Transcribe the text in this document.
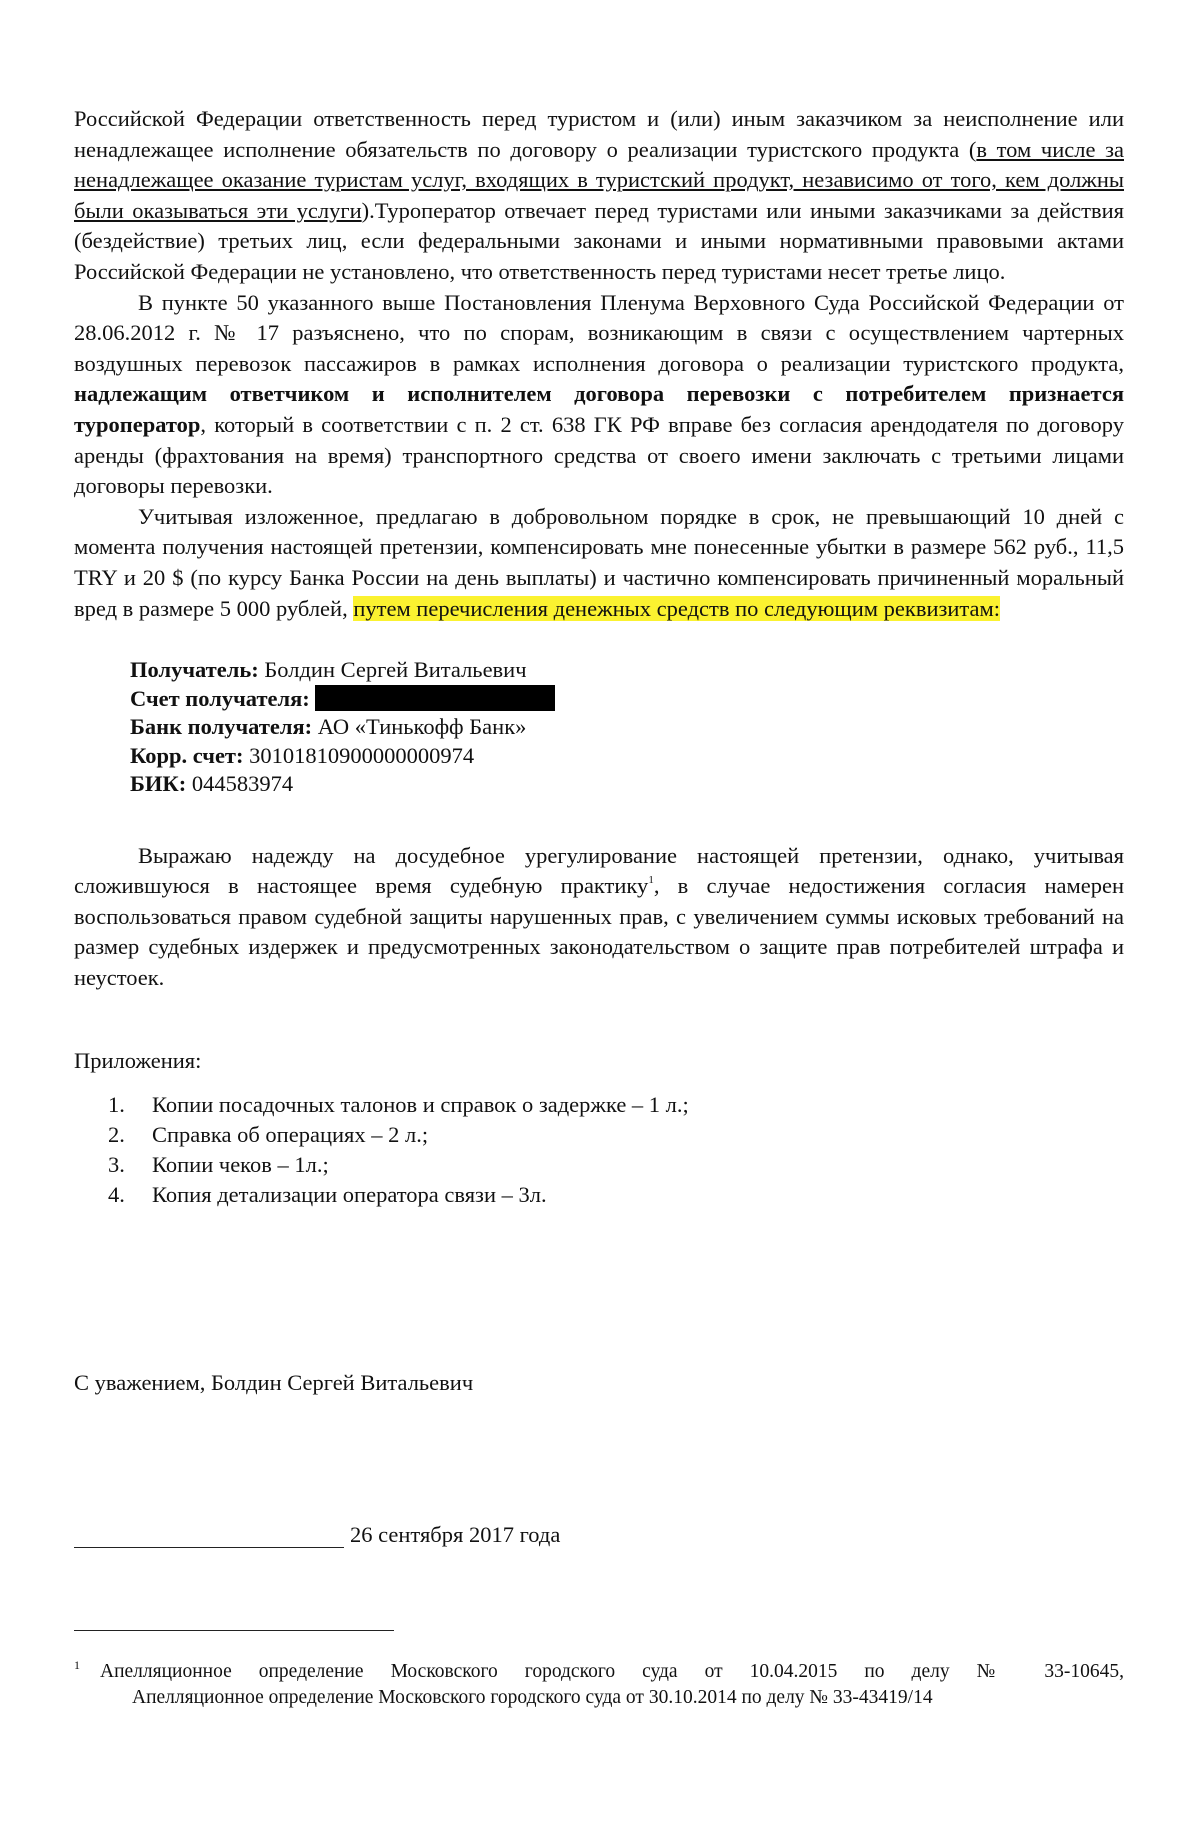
Российской Федерации ответственность перед туристом и (или) иным заказчиком за неисполнение или ненадлежащее исполнение обязательств по договору о реализации туристского продукта (в том числе за ненадлежащее оказание туристам услуг, входящих в туристский продукт, независимо от того, кем должны были оказываться эти услуги).Туроператор отвечает перед туристами или иными заказчиками за действия (бездействие) третьих лиц, если федеральными законами и иными нормативными правовыми актами Российской Федерации не установлено, что ответственность перед туристами несет третье лицо.

В пункте 50 указанного выше Постановления Пленума Верховного Суда Российской Федерации от 28.06.2012 г. № 17 разъяснено, что по спорам, возникающим в связи с осуществлением чартерных воздушных перевозок пассажиров в рамках исполнения договора о реализации туристского продукта, надлежащим ответчиком и исполнителем договора перевозки с потребителем признается туроператор, который в соответствии с п. 2 ст. 638 ГК РФ вправе без согласия арендодателя по договору аренды (фрахтования на время) транспортного средства от своего имени заключать с третьими лицами договоры перевозки.

Учитывая изложенное, предлагаю в добровольном порядке в срок, не превышающий 10 дней с момента получения настоящей претензии, компенсировать мне понесенные убытки в размере 562 руб., 11,5 TRY и 20 $ (по курсу Банка России на день выплаты) и частично компенсировать причиненный моральный вред в размере 5 000 рублей, путем перечисления денежных средств по следующим реквизитам:

Получатель: Болдин Сергей Витальевич
Счет получателя:
Банк получателя: АО «Тинькофф Банк»
Корр. счет: 30101810900000000974
БИК: 044583974

Выражаю надежду на досудебное урегулирование настоящей претензии, однако, учитывая сложившуюся в настоящее время судебную практику$^1$, в случае недостижения согласия намерен воспользоваться правом судебной защиты нарушенных прав, с увеличением суммы исковых требований на размер судебных издержек и предусмотренных законодательством о защите прав потребителей штрафа и неустоек.

Приложения:
1.	Копии посадочных талонов и справок о задержке – 1 л.;
2.	Справка об операциях – 2 л.;
3.	Копии чеков – 1л.;
4.	Копия детализации оператора связи – 3л.
С уважением, Болдин Сергей Витальевич
26 сентября 2017 года
$^1$ Апелляционное определение Московского городского суда от 10.04.2015 по делу № 33-10645,
Апелляционное определение Московского городского суда от 30.10.2014 по делу № 33-43419/14
